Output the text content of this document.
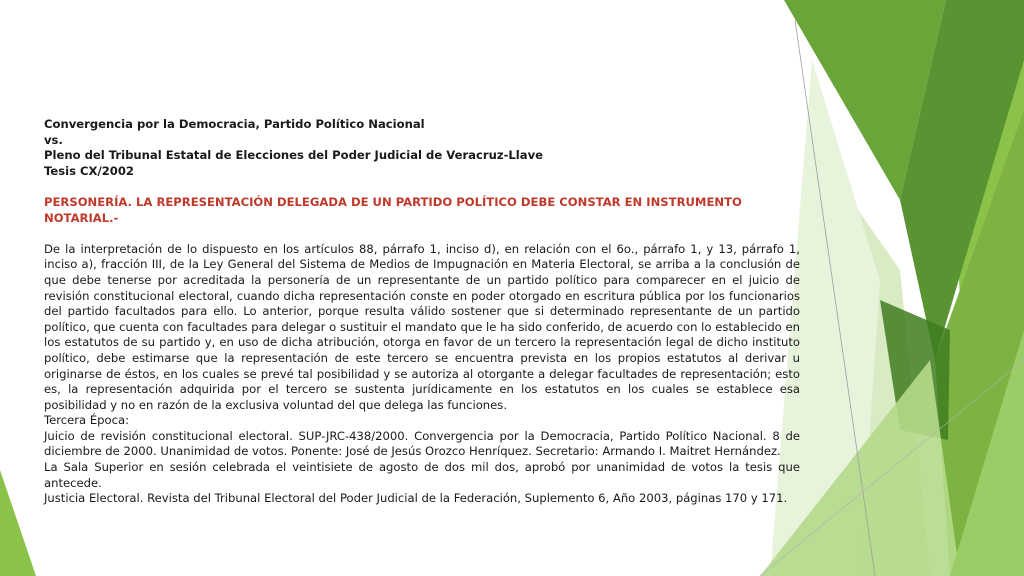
Convergencia por la Democracia, Partido Político Nacional

vs.

Pleno del Tribunal Estatal de Elecciones del Poder Judicial de Veracruz-Llave

Tesis CX/2002

PERSONERÍA. LA REPRESENTACIÓN DELEGADA DE UN PARTIDO POLÍTICO DEBE CONSTAR EN INSTRUMENTO NOTARIAL.-

De la interpretación de lo dispuesto en los artículos 88, párrafo 1, inciso d), en relación con el 6o., párrafo 1, y 13, párrafo 1, inciso a), fracción III, de la Ley General del Sistema de Medios de Impugnación en Materia Electoral, se arriba a la conclusión de que debe tenerse por acreditada la personería de un representante de un partido político para comparecer en el juicio de revisión constitucional electoral, cuando dicha representación conste en poder otorgado en escritura pública por los funcionarios del partido facultados para ello. Lo anterior, porque resulta válido sostener que si determinado representante de un partido político, que cuenta con facultades para delegar o sustituir el mandato que le ha sido conferido, de acuerdo con lo establecido en los estatutos de su partido y, en uso de dicha atribución, otorga en favor de un tercero la representación legal de dicho instituto político, debe estimarse que la representación de este tercero se encuentra prevista en los propios estatutos al derivar u originarse de éstos, en los cuales se prevé tal posibilidad y se autoriza al otorgante a delegar facultades de representación; esto es, la representación adquirida por el tercero se sustenta jurídicamente en los estatutos en los cuales se establece esa posibilidad y no en razón de la exclusiva voluntad del que delega las funciones.

Tercera Época:

Juicio de revisión constitucional electoral. SUP-JRC-438/2000. Convergencia por la Democracia, Partido Político Nacional. 8 de diciembre de 2000. Unanimidad de votos. Ponente: José de Jesús Orozco Henríquez. Secretario: Armando I. Maitret Hernández.

La Sala Superior en sesión celebrada el veintisiete de agosto de dos mil dos, aprobó por unanimidad de votos la tesis que antecede.

Justicia Electoral. Revista del Tribunal Electoral del Poder Judicial de la Federación, Suplemento 6, Año 2003, páginas 170 y 171.
